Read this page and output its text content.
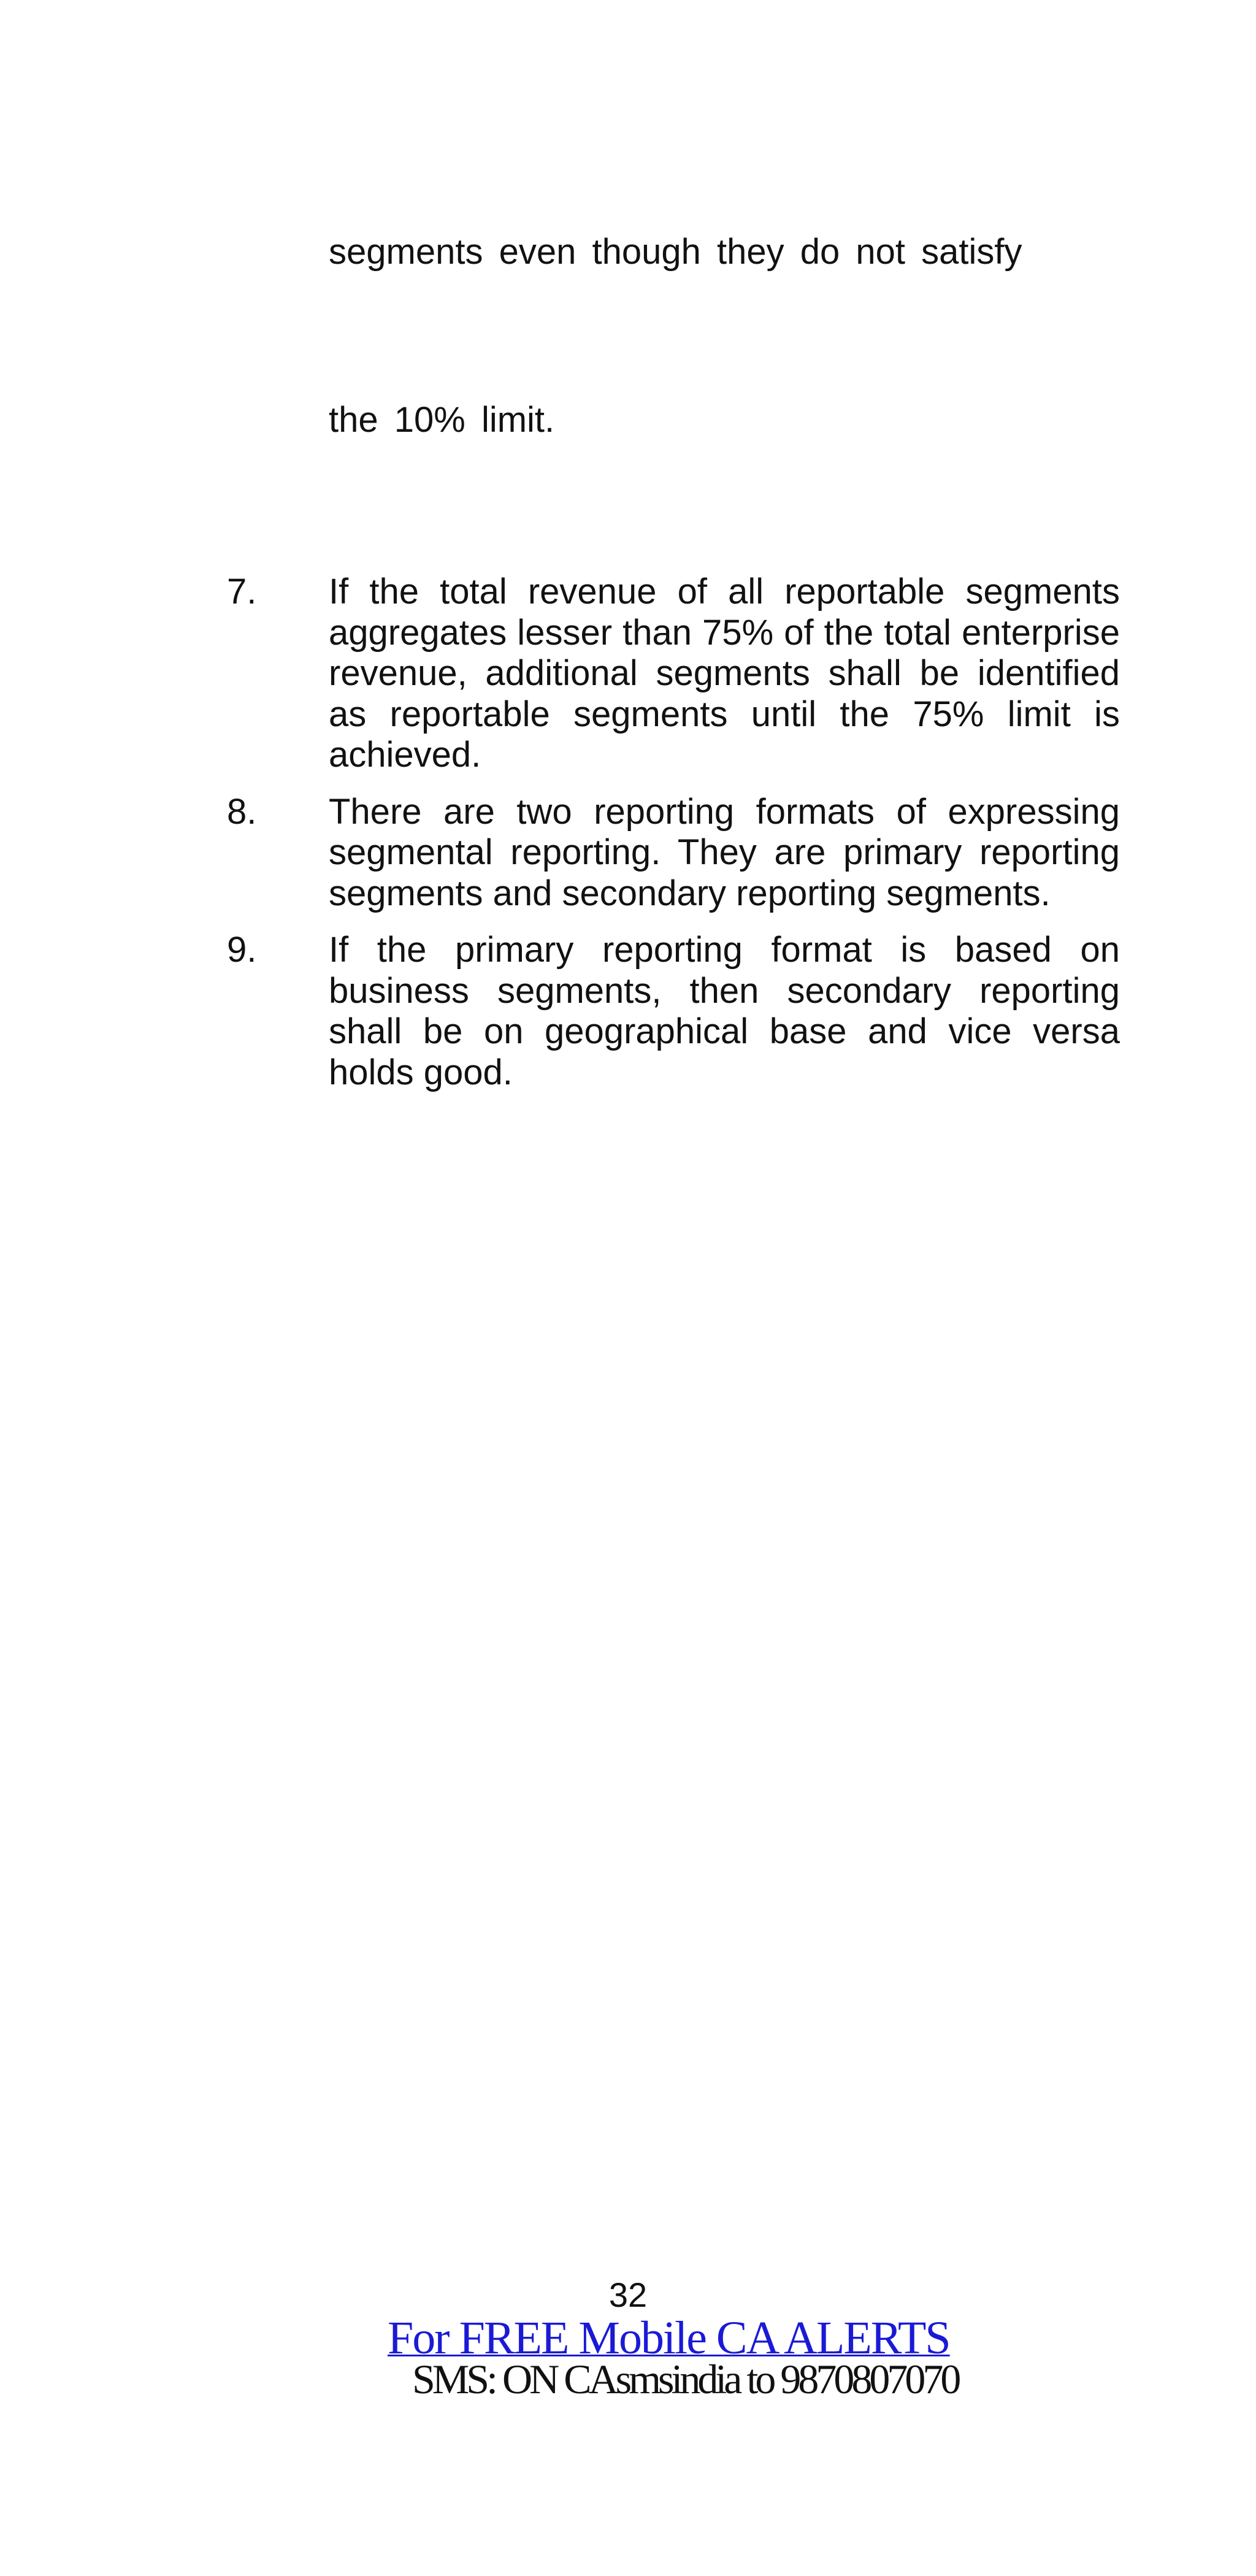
segments even though they do not satisfy
the 10% limit.
7.	If the total revenue of all reportable segments aggregates lesser than 75% of the total enterprise revenue, additional segments shall be identified as reportable segments until the 75% limit is achieved.
8.	There are two reporting formats of expressing segmental reporting. They are primary reporting segments and secondary reporting segments.
9.	If the primary reporting format is based on business segments, then secondary reporting shall be on geographical base and vice versa holds good.
32
For FREE Mobile CA ALERTS
SMS: ON CAsmsindia to 9870807070
